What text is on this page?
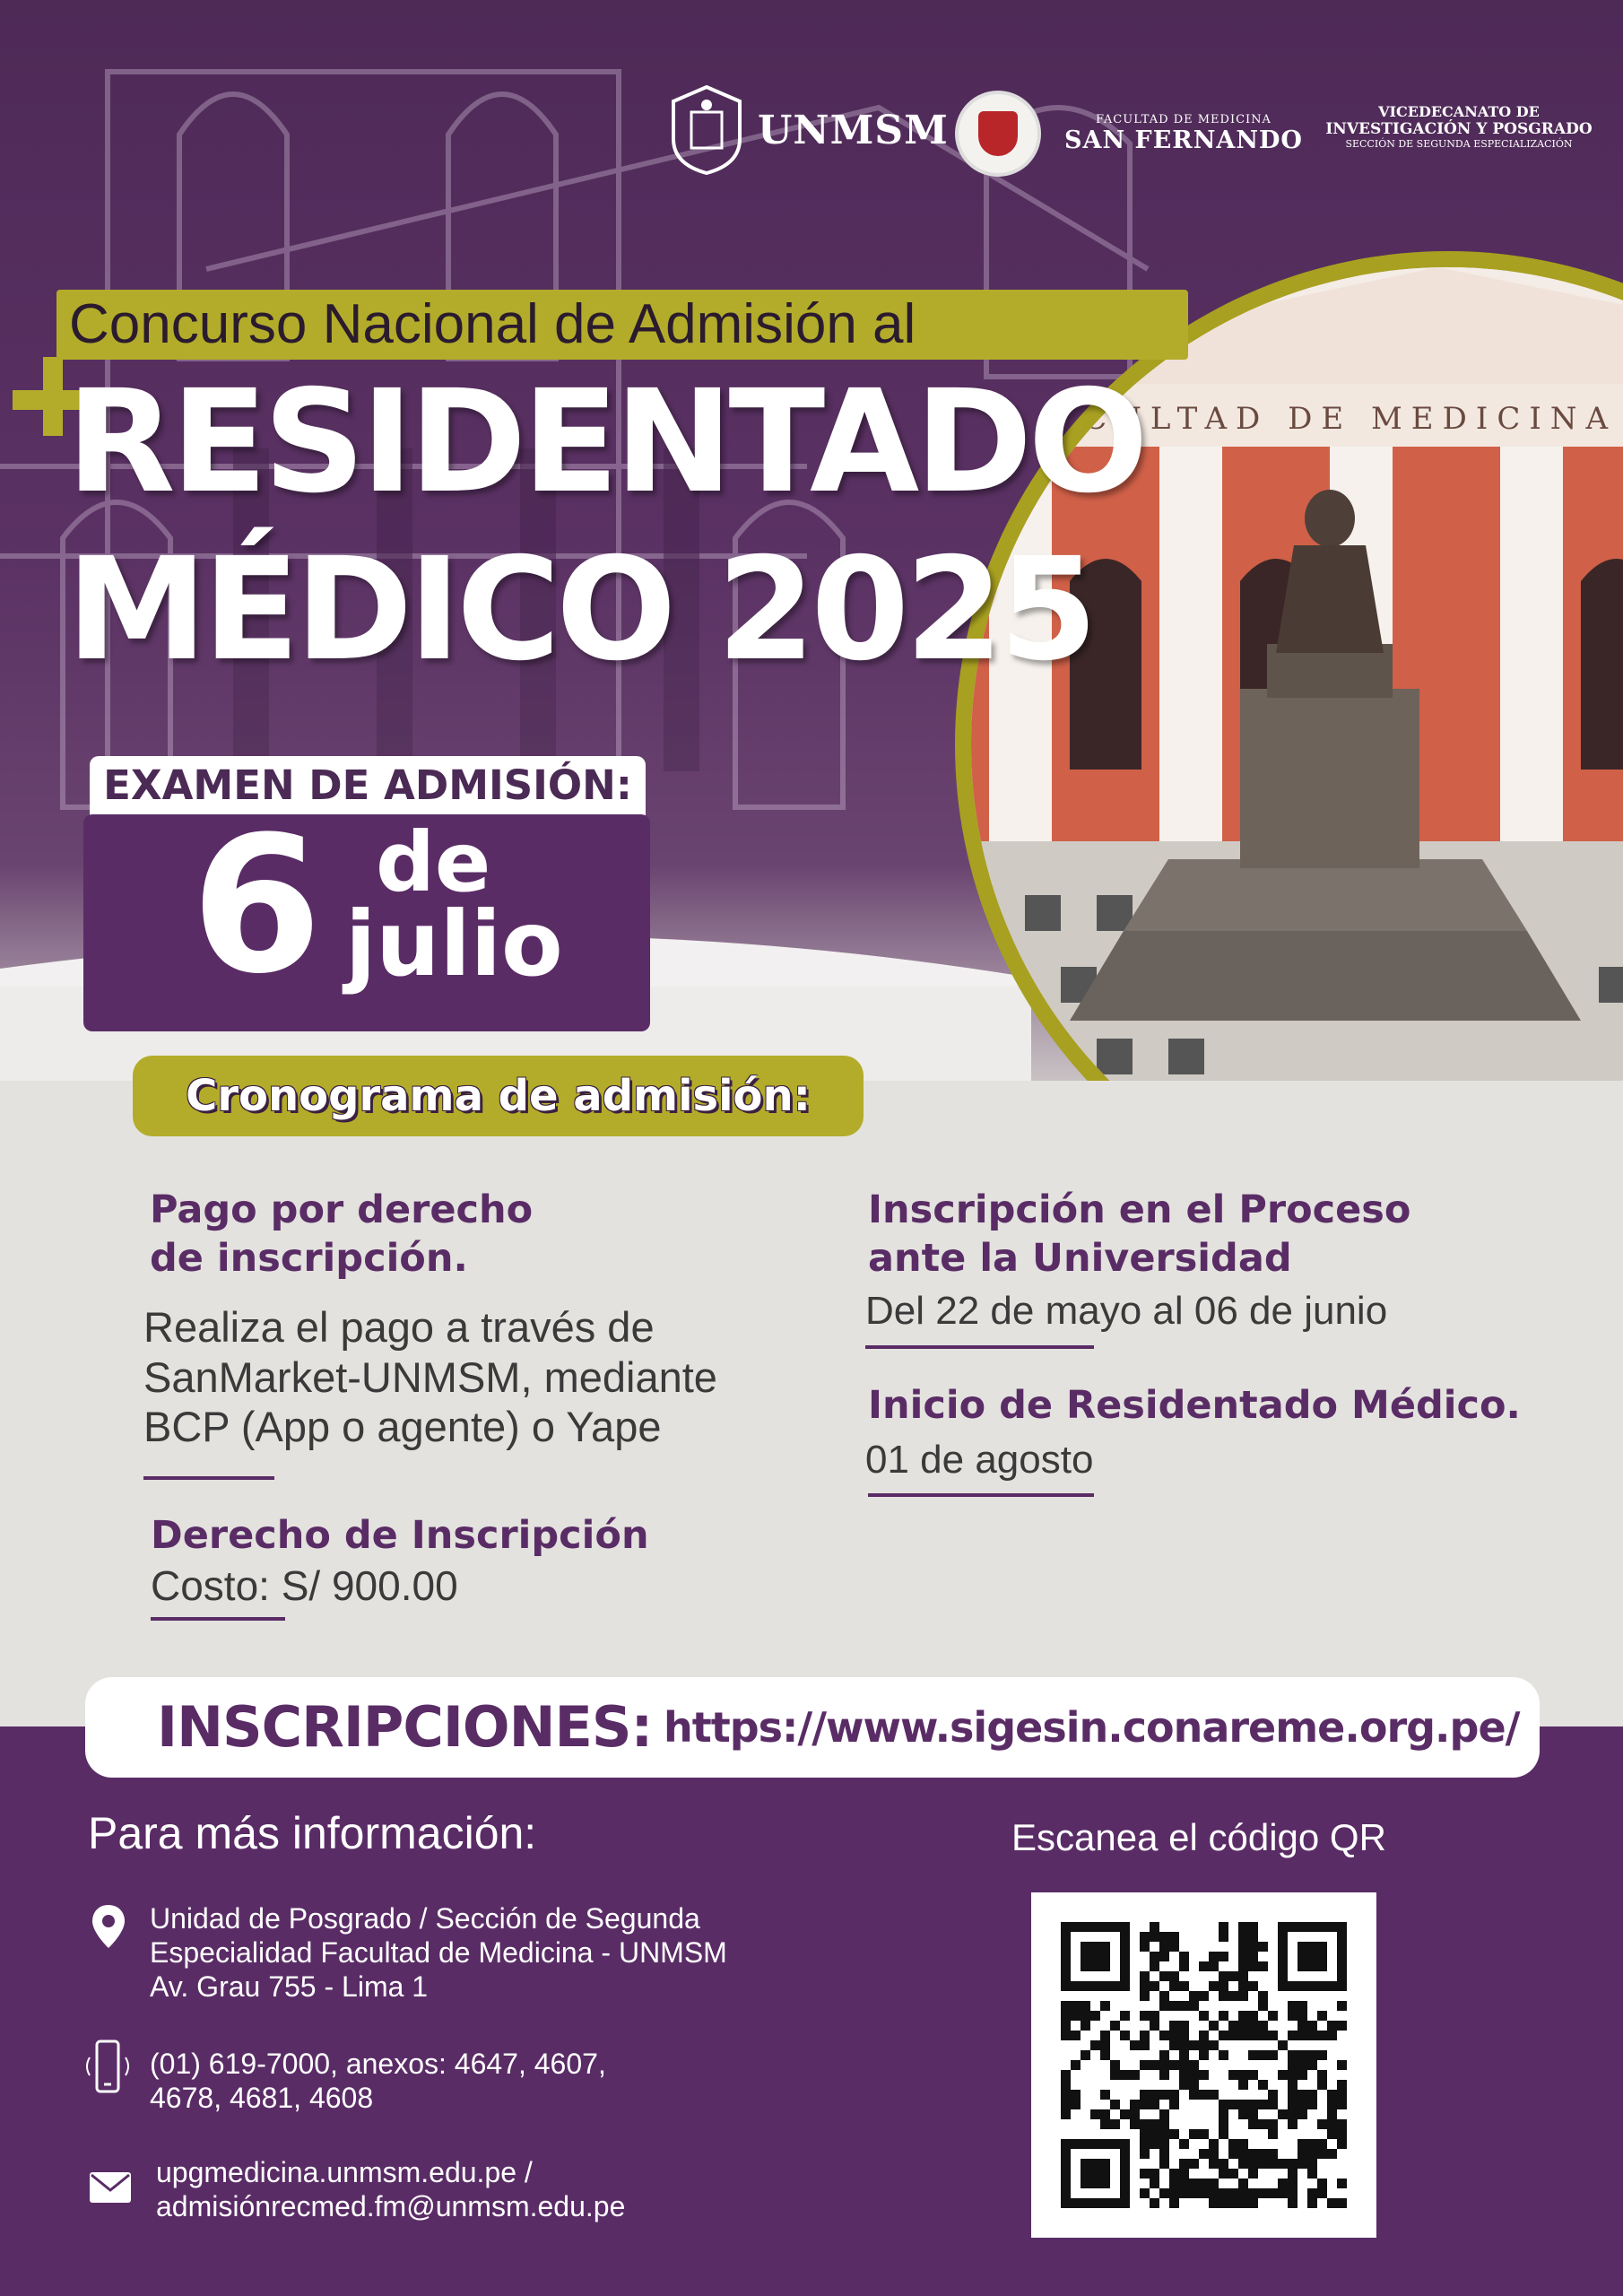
FACULTAD DE MEDICINA
UNMSM	FACULTAD DE MEDICINA
SAN FERNANDO
VICEDECANATO DE
INVESTIGACIÓN Y POSGRADO
SECCIÓN DE SEGUNDA ESPECIALIZACIÓN
Concurso Nacional de Admisión al
RESIDENTADO
MÉDICO 2025
EXAMEN DE ADMISIÓN:
6 de
julio
Cronograma de admisión:
Pago por derecho
de inscripción.
Realiza el pago a través de
SanMarket-UNMSM, mediante
BCP (App o agente) o Yape
Derecho de Inscripción
Costo: S/ 900.00
Inscripción en el Proceso
ante la Universidad
Del 22 de mayo al 06 de junio
Inicio de Residentado Médico.
01 de agosto
INSCRIPCIONES: https://www.sigesin.conareme.org.pe/
Para más información:	Escanea el código QR
Unidad de Posgrado / Sección de Segunda
Especialidad Facultad de Medicina - UNMSM
Av. Grau 755 - Lima 1
(01) 619-7000, anexos: 4647, 4607,
4678, 4681, 4608
upgmedicina.unmsm.edu.pe /
admisiónrecmed.fm@unmsm.edu.pe
